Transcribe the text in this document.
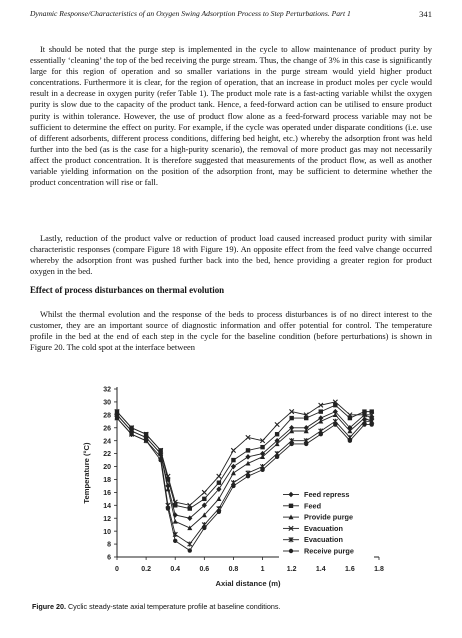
Dynamic Response/Characteristics of an Oxygen Swing Adsorption Process to Step Perturbations. Part 1	341

It should be noted that the purge step is implemented in the cycle to allow maintenance of product purity by essentially ‘cleaning’ the top of the bed receiving the purge stream. Thus, the change of 3% in this case is significantly large for this region of operation and so smaller variations in the purge stream would yield higher product concentrations. Furthermore it is clear, for the region of operation, that an increase in product moles per cycle would result in a decrease in oxygen purity (refer Table 1). The product mole rate is a fast-acting variable whilst the oxygen purity is slow due to the capacity of the product tank. Hence, a feed-forward action can be utilised to ensure product purity is within tolerance. However, the use of product flow alone as a feed-forward process variable may not be sufficient to determine the effect on purity. For example, if the cycle was operated under disparate conditions (i.e. use of different adsorbents, different process conditions, differing bed height, etc.) whereby the adsorption front was held further into the bed (as is the case for a high-purity scenario), the removal of more product gas may not necessarily affect the product concentration. It is therefore suggested that measurements of the product flow, as well as another variable yielding information on the position of the adsorption front, may be sufficient to determine whether the product concentration will rise or fall.

Lastly, reduction of the product valve or reduction of product load caused increased product purity with similar characteristic responses (compare Figure 18 with Figure 19). An opposite effect from the feed valve change occurred whereby the adsorption front was pushed further back into the bed, hence providing a greater region for product oxygen in the bed.

Effect of process disturbances on thermal evolution

Whilst the thermal evolution and the response of the beds to process disturbances is of no direct interest to the customer, they are an important source of diagnostic information and offer potential for control. The temperature profile in the bed at the end of each step in the cycle for the baseline condition (before perturbations) is shown in Figure 20. The cold spot at the interface between

6
8
10
12
14
16
18
20
22
24
26
28
30
32
0	0.2	0.4	0.6	0.8	1	1.2	1.4	1.6	1.8
Axial distance (m)
Temperature (°C)	Feed repress
Feed
Provide purge
Evacuation
Evacuation
Receive purge
Figure 20. Cyclic steady-state axial temperature profile at baseline conditions.
